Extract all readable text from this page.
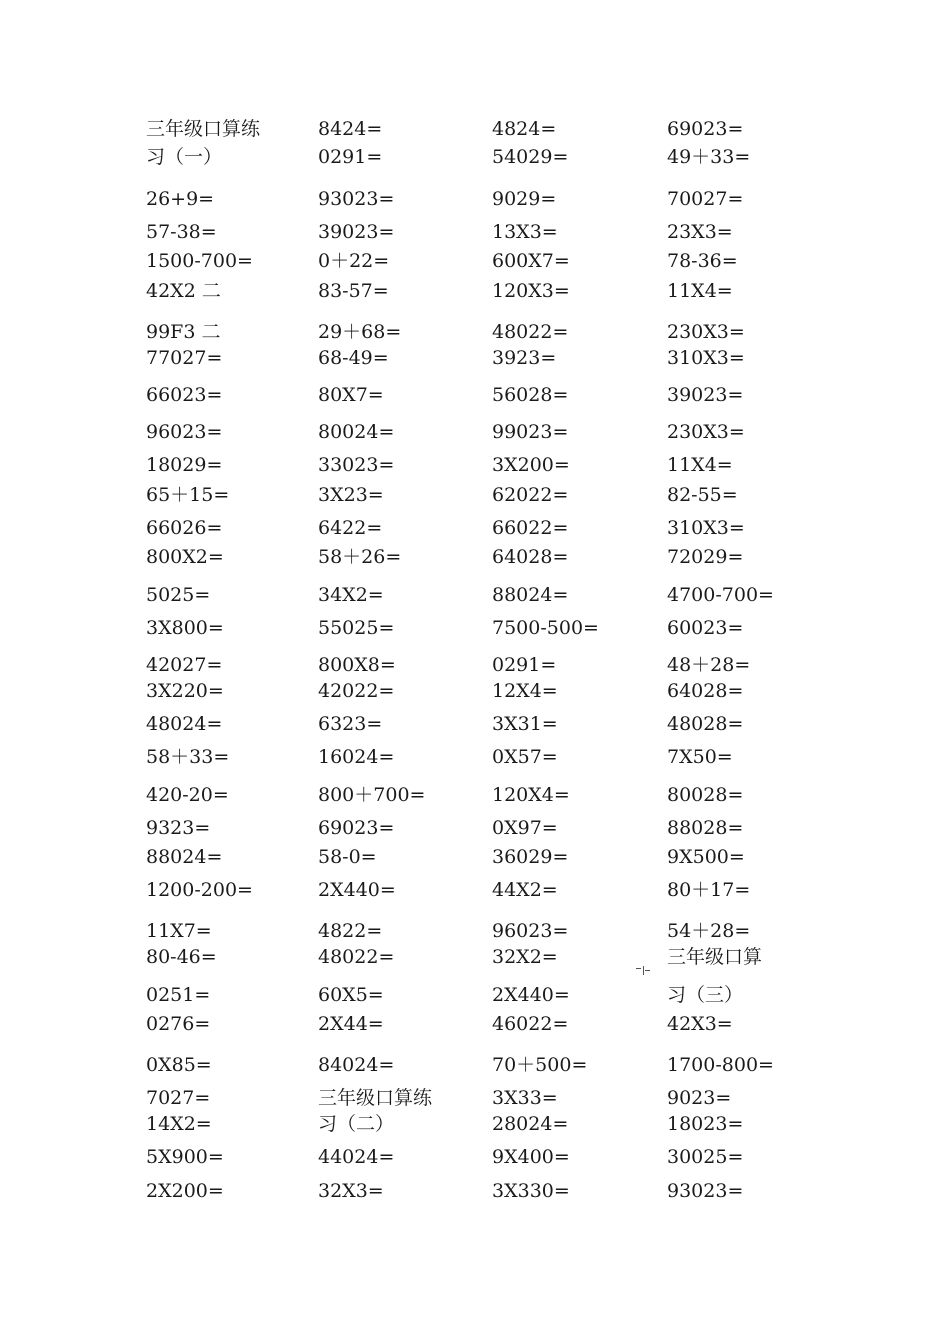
三年级口算练	8424=	4824=	69023=
习（一）	0291=	54029=	49＋33=
26+9=	93023=	9029=	70027=
57-38=	39023=	13X3=	23X3=
1500-700=	0＋22=	600X7=	78-36=
42X2 二	83-57=	120X3=	11X4=
99F3 二	29＋68=	48022=	230X3=
77027=	68-49=	3923=	310X3=
66023=	80X7=	56028=	39023=
96023=	80024=	99023=	230X3=
18029=	33023=	3X200=	11X4=
65＋15=	3X23=	62022=	82-55=
66026=	6422=	66022=	310X3=
800X2=	58＋26=	64028=	72029=
5025=	34X2=	88024=	4700-700=
3X800=	55025=	7500-500=	60023=
42027=	800X8=	0291=	48＋28=
3X220=	42022=	12X4=	64028=
48024=	6323=	3X31=	48028=
58＋33=	16024=	0X57=	7X50=
420-20=	800＋700=	120X4=	80028=
9323=	69023=	0X97=	88028=
88024=	58-0=	36029=	9X500=
1200-200=	2X440=	44X2=	80＋17=
11X7=	4822=	96023=	54＋28=
80-46=	48022=	32X2=	三年级口算
0251=	60X5=	2X440=	习（三）
0276=	2X44=	46022=	42X3=
0X85=	84024=	70＋500=	1700-800=
7027=	三年级口算练	3X33=	9023=
14X2=	习（二）	28024=	18023=
5X900=	44024=	9X400=	30025=
2X200=	32X3=	3X330=	93023=
